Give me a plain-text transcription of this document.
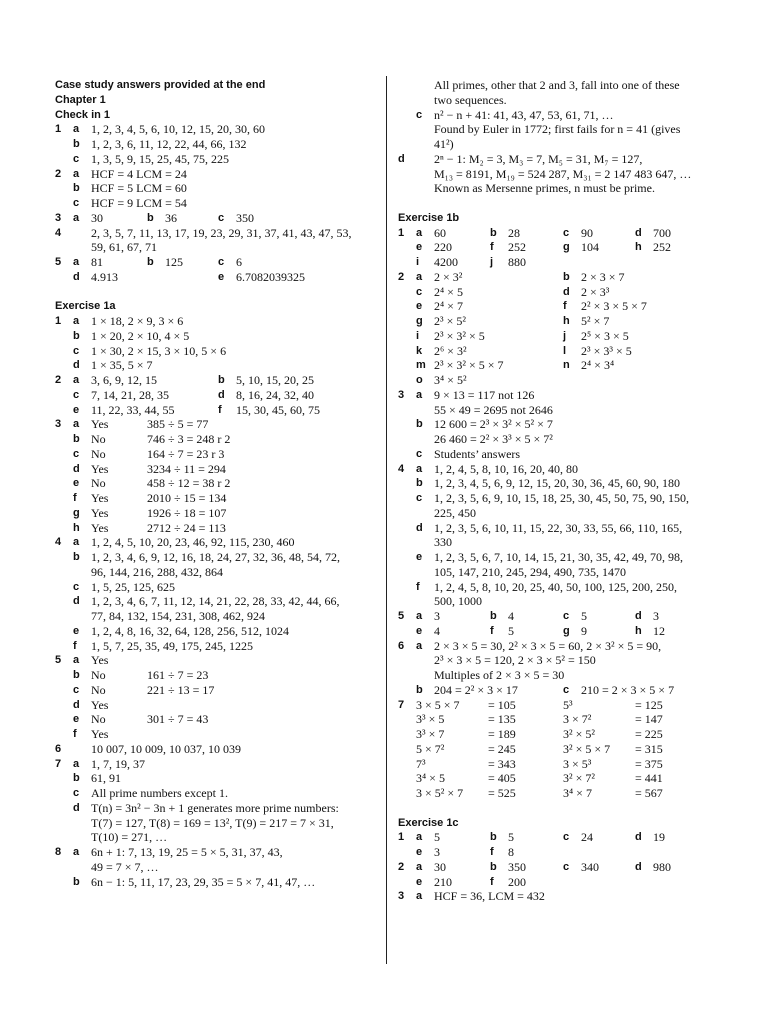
Case study answers provided at the end
Chapter 1
Check in 1
1 a 1, 2, 3, 4, 5, 6, 10, 12, 15, 20, 30, 60
b 1, 2, 3, 6, 11, 12, 22, 44, 66, 132
c 1, 3, 5, 9, 15, 25, 45, 75, 225
2 a HCF = 4 LCM = 24
b HCF = 5 LCM = 60
c HCF = 9 LCM = 54
3 a 30	b 36	c 350
4 2, 3, 5, 7, 11, 13, 17, 19, 23, 29, 31, 37, 41, 43, 47, 53,
59, 61, 67, 71
5 a 81	b 125	c 6
d 4.913	e 6.7082039325
Exercise 1a
1 a 1 × 18, 2 × 9, 3 × 6
b 1 × 20, 2 × 10, 4 × 5
c 1 × 30, 2 × 15, 3 × 10, 5 × 6
d 1 × 35, 5 × 7
2 a 3, 6, 9, 12, 15	b 5, 10, 15, 20, 25
c 7, 14, 21, 28, 35	d 8, 16, 24, 32, 40
e 11, 22, 33, 44, 55	f 15, 30, 45, 60, 75
3 a Yes	385 ÷ 5 = 77
b No	746 ÷ 3 = 248 r 2
c No	164 ÷ 7 = 23 r 3
d Yes	3234 ÷ 11 = 294
e No	458 ÷ 12 = 38 r 2
f Yes	2010 ÷ 15 = 134
g Yes	1926 ÷ 18 = 107
h Yes	2712 ÷ 24 = 113
4 a 1, 2, 4, 5, 10, 20, 23, 46, 92, 115, 230, 460
b 1, 2, 3, 4, 6, 9, 12, 16, 18, 24, 27, 32, 36, 48, 54, 72,
96, 144, 216, 288, 432, 864
c 1, 5, 25, 125, 625
d 1, 2, 3, 4, 6, 7, 11, 12, 14, 21, 22, 28, 33, 42, 44, 66,
77, 84, 132, 154, 231, 308, 462, 924
e 1, 2, 4, 8, 16, 32, 64, 128, 256, 512, 1024
f 1, 5, 7, 25, 35, 49, 175, 245, 1225
5 a Yes
b No	161 ÷ 7 = 23
c No	221 ÷ 13 = 17
d Yes
e No	301 ÷ 7 = 43
f Yes
6 10 007, 10 009, 10 037, 10 039
7 a 1, 7, 19, 37
b 61, 91
c All prime numbers except 1.
d T(n) = 3n² − 3n + 1 generates more prime numbers:
T(7) = 127, T(8) = 169 = 13², T(9) = 217 = 7 × 31,
T(10) = 271, …
8 a 6n + 1: 7, 13, 19, 25 = 5 × 5, 31, 37, 43,
49 = 7 × 7, …
b 6n − 1: 5, 11, 17, 23, 29, 35 = 5 × 7, 41, 47, …
All primes, other that 2 and 3, fall into one of these
two sequences.
c n² − n + 41: 41, 43, 47, 53, 61, 71, …
Found by Euler in 1772; first fails for n = 41 (gives
41²)
d 2ⁿ − 1: M₂ = 3, M₃ = 7, M₅ = 31, M₇ = 127,
M₁₃ = 8191, M₁₉ = 524 287, M₃₁ = 2 147 483 647, …
Known as Mersenne primes, n must be prime.
Exercise 1b
1 a 60	b 28	c 90	d 700
e 220	f 252	g 104	h 252
i 4200	j 880
2 a 2 × 3²	b 2 × 3 × 7
c 2⁴ × 5	d 2 × 3³
e 2⁴ × 7	f 2² × 3 × 5 × 7
g 2³ × 5²	h 5² × 7
i 2³ × 3² × 5	j 2⁵ × 3 × 5
k 2⁶ × 3²	l 2³ × 3³ × 5
m 2³ × 3² × 5 × 7	n 2⁴ × 3⁴
o 3⁴ × 5²
3 a 9 × 13 = 117 not 126
55 × 49 = 2695 not 2646
b 12 600 = 2³ × 3² × 5² × 7
26 460 = 2² × 3³ × 5 × 7²
c Students’ answers
4 a 1, 2, 4, 5, 8, 10, 16, 20, 40, 80
b 1, 2, 3, 4, 5, 6, 9, 12, 15, 20, 30, 36, 45, 60, 90, 180
c 1, 2, 3, 5, 6, 9, 10, 15, 18, 25, 30, 45, 50, 75, 90, 150,
225, 450
d 1, 2, 3, 5, 6, 10, 11, 15, 22, 30, 33, 55, 66, 110, 165,
330
e 1, 2, 3, 5, 6, 7, 10, 14, 15, 21, 30, 35, 42, 49, 70, 98,
105, 147, 210, 245, 294, 490, 735, 1470
f 1, 2, 4, 5, 8, 10, 20, 25, 40, 50, 100, 125, 200, 250,
500, 1000
5 a 3	b 4	c 5	d 3
e 4	f 5	g 9	h 12
6 a 2 × 3 × 5 = 30, 2² × 3 × 5 = 60, 2 × 3² × 5 = 90,
2³ × 3 × 5 = 120, 2 × 3 × 5² = 150
Multiples of 2 × 3 × 5 = 30
b 204 = 2² × 3 × 17	c 210 = 2 × 3 × 5 × 7
7 3 × 5 × 7 = 105	5³	= 125
3³ × 5	= 135	3 × 7²	= 147
3³ × 7	= 189	3² × 5²	= 225
5 × 7²	= 245	3² × 5 × 7 = 315
7³	= 343	3 × 5³	= 375
3⁴ × 5	= 405	3² × 7²	= 441
3 × 5² × 7 = 525	3⁴ × 7	= 567
Exercise 1c
1 a 5	b 5	c 24	d 19
e 3	f 8
2 a 30	b 350	c 340	d 980
e 210	f 200
3 a HCF = 36, LCM = 432
